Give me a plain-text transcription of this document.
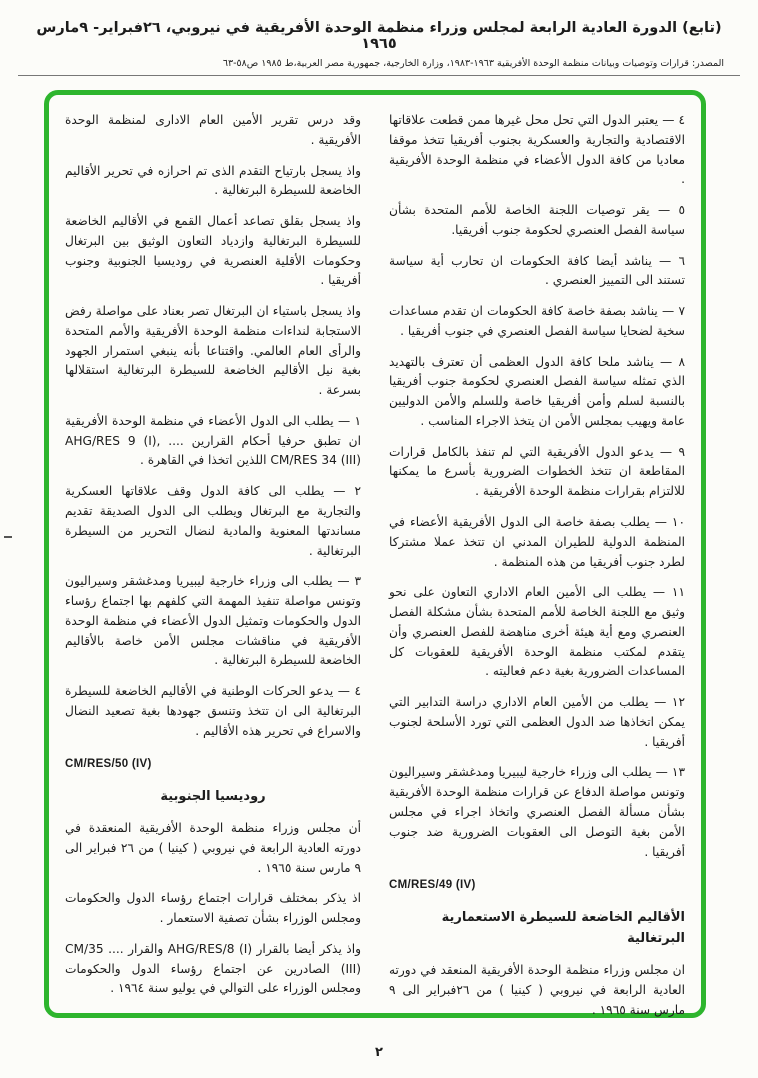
(تابع) الدورة العادية الرابعة لمجلس وزراء منظمة الوحدة الأفريقية في نيروبي، ٢٦فبراير- ٩مارس ١٩٦٥
المصدر: قرارات وتوصيات وبيانات منظمة الوحدة الأفريقية ١٩٦٣-١٩٨٣، وزارة الخارجية، جمهورية مصر العربية،ط ١٩٨٥ ص٥٨-٦٣

٤ — يعتبر الدول التي تحل محل غيرها ممن قطعت علاقاتها الاقتصادية والتجارية والعسكرية بجنوب أفريقيا تتخذ موقفا معاديا من كافة الدول الأعضاء في منظمة الوحدة الأفريقية .

٥ — يقر توصيات اللجنة الخاصة للأمم المتحدة بشأن سياسة الفصل العنصري لحكومة جنوب أفريقيا.

٦ — يناشد أيضا كافة الحكومات ان تحارب أية سياسة تستند الى التمييز العنصري .

٧ — يناشد بصفة خاصة كافة الحكومات ان تقدم مساعدات سخية لضحايا سياسة الفصل العنصري في جنوب أفريقيا .

٨ — يناشد ملحا كافة الدول العظمى أن تعترف بالتهديد الذي تمثله سياسة الفصل العنصري لحكومة جنوب أفريقيا بالنسبة لسلم وأمن أفريقيا خاصة وللسلم والأمن الدوليين عامة ويهيب بمجلس الأمن ان يتخذ الاجراء المناسب .

٩ — يدعو الدول الأفريقية التي لم تنفذ بالكامل قرارات المقاطعة ان تتخذ الخطوات الضرورية بأسرع ما يمكنها للالتزام بقرارات منظمة الوحدة الأفريقية .

١٠ — يطلب بصفة خاصة الى الدول الأفريقية الأعضاء في المنظمة الدولية للطيران المدني ان تتخذ عملا مشتركا لطرد جنوب أفريقيا من هذه المنظمة .

١١ — يطلب الى الأمين العام الاداري التعاون على نحو وثيق مع اللجنة الخاصة للأمم المتحدة بشأن مشكلة الفصل العنصري ومع أية هيئة أخرى مناهضة للفصل العنصري وأن يتقدم لمكتب منظمة الوحدة الأفريقية للعقوبات كل المساعدات الضرورية بغية دعم فعاليته .

١٢ — يطلب من الأمين العام الاداري دراسة التدابير التي يمكن اتخاذها ضد الدول العظمى التي تورد الأسلحة لجنوب أفريقيا .

١٣ — يطلب الى وزراء خارجية ليبيريا ومدغشقر وسيراليون وتونس مواصلة الدفاع عن قرارات منظمة الوحدة الأفريقية بشأن مسألة الفصل العنصري واتخاذ اجراء في مجلس الأمن بغية التوصل الى العقوبات الضرورية ضد جنوب أفريقيا .

CM/RES/49 (IV)

الأقاليم الخاضعة للسيطرة الاستعمارية البرتغالية

ان مجلس وزراء منظمة الوحدة الأفريقية المنعقد في دورته العادية الرابعة في نيروبي ( كينيا ) من ٢٦فبراير الى ٩ مارس سنة ١٩٦٥ .

وقد درس تقرير الأمين العام الادارى لمنظمة الوحدة الأفريقية .

واذ يسجل بارتياح التقدم الذى تم احرازه في تحرير الأقاليم الخاضعة للسيطرة البرتغالية .

واذ يسجل بقلق تصاعد أعمال القمع في الأقاليم الخاضعة للسيطرة البرتغالية وازدياد التعاون الوثيق بين البرتغال وحكومات الأقلية العنصرية في روديسيا الجنوبية وجنوب أفريقيا .

واذ يسجل باستياء ان البرتغال تصر بعناد على مواصلة رفض الاستجابة لنداءات منظمة الوحدة الأفريقية والأمم المتحدة والرأى العام العالمي. واقتناعا بأنه ينبغي استمرار الجهود بغية نيل الأقاليم الخاضعة للسيطرة البرتغالية استقلالها بسرعة .

١ — يطلب الى الدول الأعضاء في منظمة الوحدة الأفريقية ان تطبق حرفيا أحكام القرارين .... AHG/RES 9 (I), CM/RES 34 (III) اللذين اتخذا في القاهرة .

٢ — يطلب الى كافة الدول وقف علاقاتها العسكرية والتجارية مع البرتغال ويطلب الى الدول الصديقة تقديم مساندتها المعنوية والمادية لنضال التحرير من السيطرة البرتغالية .

٣ — يطلب الى وزراء خارجية ليبيريا ومدغشقر وسيراليون وتونس مواصلة تنفيذ المهمة التي كلفهم بها اجتماع رؤساء الدول والحكومات وتمثيل الدول الأعضاء في منظمة الوحدة الأفريقية في مناقشات مجلس الأمن خاصة بالأقاليم الخاضعة للسيطرة البرتغالية .

٤ — يدعو الحركات الوطنية في الأقاليم الخاضعة للسيطرة البرتغالية الى ان تتخذ وتنسق جهودها بغية تصعيد النضال والاسراع في تحرير هذه الأقاليم .

CM/RES/50 (IV)

روديسيا الجنوبية

أن مجلس وزراء منظمة الوحدة الأفريقية المنعقدة في دورته العادية الرابعة في نيروبي ( كينيا ) من ٢٦ فبراير الى ٩ مارس سنة ١٩٦٥ .

اذ يذكر بمختلف قرارات اجتماع رؤساء الدول والحكومات ومجلس الوزراء بشأن تصفية الاستعمار .

واذ يذكر أيضا بالقرار AHG/RES/8 (I) والقرار .... CM/35 (III) الصادرين عن اجتماع رؤساء الدول والحكومات ومجلس الوزراء على التوالي في يوليو سنة ١٩٦٤ .

٢
